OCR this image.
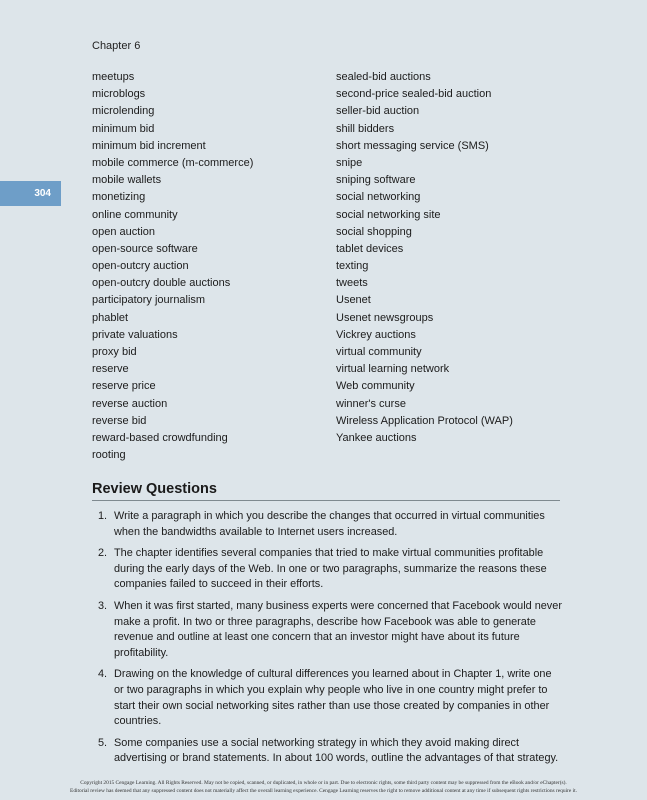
Chapter 6
304
meetups
microblogs
microlending
minimum bid
minimum bid increment
mobile commerce (m-commerce)
mobile wallets
monetizing
online community
open auction
open-source software
open-outcry auction
open-outcry double auctions
participatory journalism
phablet
private valuations
proxy bid
reserve
reserve price
reverse auction
reverse bid
reward-based crowdfunding
rooting
sealed-bid auctions
second-price sealed-bid auction
seller-bid auction
shill bidders
short messaging service (SMS)
snipe
sniping software
social networking
social networking site
social shopping
tablet devices
texting
tweets
Usenet
Usenet newsgroups
Vickrey auctions
virtual community
virtual learning network
Web community
winner's curse
Wireless Application Protocol (WAP)
Yankee auctions
Review Questions
1. Write a paragraph in which you describe the changes that occurred in virtual communities when the bandwidths available to Internet users increased.
2. The chapter identifies several companies that tried to make virtual communities profitable during the early days of the Web. In one or two paragraphs, summarize the reasons these companies failed to succeed in their efforts.
3. When it was first started, many business experts were concerned that Facebook would never make a profit. In two or three paragraphs, describe how Facebook was able to generate revenue and outline at least one concern that an investor might have about its future profitability.
4. Drawing on the knowledge of cultural differences you learned about in Chapter 1, write one or two paragraphs in which you explain why people who live in one country might prefer to start their own social networking sites rather than use those created by companies in other countries.
5. Some companies use a social networking strategy in which they avoid making direct advertising or brand statements. In about 100 words, outline the advantages of that strategy.
Copyright 2015 Cengage Learning. All Rights Reserved. May not be copied, scanned, or duplicated, in whole or in part. Due to electronic rights, some third party content may be suppressed from the eBook and/or eChapter(s).
Editorial review has deemed that any suppressed content does not materially affect the overall learning experience. Cengage Learning reserves the right to remove additional content at any time if subsequent rights restrictions require it.
